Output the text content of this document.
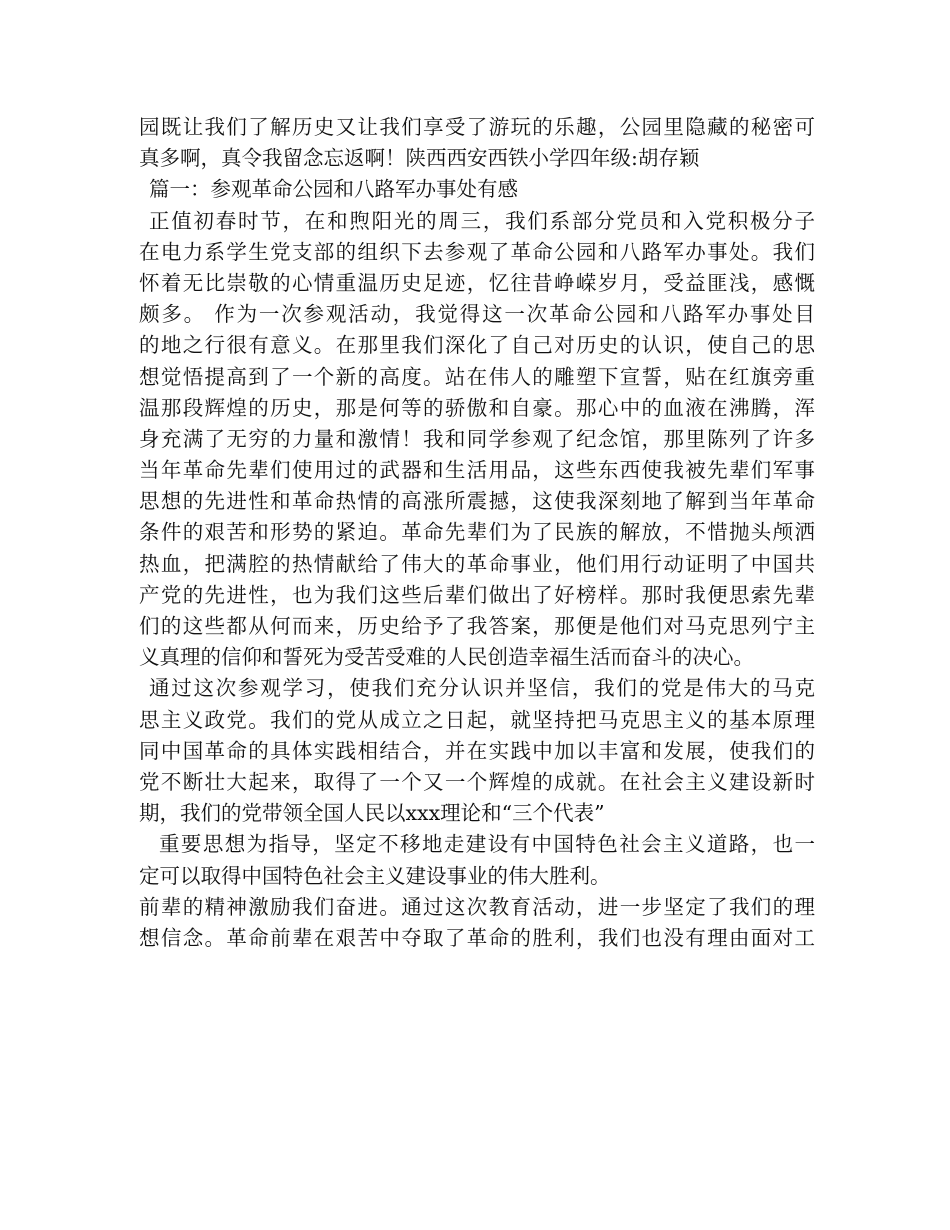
园既让我们了解历史又让我们享受了游玩的乐趣，公园里隐藏的秘密可
真多啊，真令我留念忘返啊！陕西西安西铁小学四年级:胡存颖
篇一：参观革命公园和八路军办事处有感
正值初春时节，在和煦阳光的周三，我们系部分党员和入党积极分子
在电力系学生党支部的组织下去参观了革命公园和八路军办事处。我们
怀着无比崇敬的心情重温历史足迹，忆往昔峥嵘岁月，受益匪浅，感慨
颇多。 作为一次参观活动，我觉得这一次革命公园和八路军办事处目
的地之行很有意义。在那里我们深化了自己对历史的认识，使自己的思
想觉悟提高到了一个新的高度。站在伟人的雕塑下宣誓，贴在红旗旁重
温那段辉煌的历史，那是何等的骄傲和自豪。那心中的血液在沸腾，浑
身充满了无穷的力量和激情！我和同学参观了纪念馆，那里陈列了许多
当年革命先辈们使用过的武器和生活用品，这些东西使我被先辈们军事
思想的先进性和革命热情的高涨所震撼，这使我深刻地了解到当年革命
条件的艰苦和形势的紧迫。革命先辈们为了民族的解放，不惜抛头颅洒
热血，把满腔的热情献给了伟大的革命事业，他们用行动证明了中国共
产党的先进性，也为我们这些后辈们做出了好榜样。那时我便思索先辈
们的这些都从何而来，历史给予了我答案，那便是他们对马克思列宁主
义真理的信仰和誓死为受苦受难的人民创造幸福生活而奋斗的决心。
通过这次参观学习，使我们充分认识并坚信，我们的党是伟大的马克
思主义政党。我们的党从成立之日起，就坚持把马克思主义的基本原理
同中国革命的具体实践相结合，并在实践中加以丰富和发展，使我们的
党不断壮大起来，取得了一个又一个辉煌的成就。在社会主义建设新时
期，我们的党带领全国人民以xxx理论和“三个代表”
重要思想为指导，坚定不移地走建设有中国特色社会主义道路，也一
定可以取得中国特色社会主义建设事业的伟大胜利。
前辈的精神激励我们奋进。通过这次教育活动，进一步坚定了我们的理
想信念。革命前辈在艰苦中夺取了革命的胜利，我们也没有理由面对工
